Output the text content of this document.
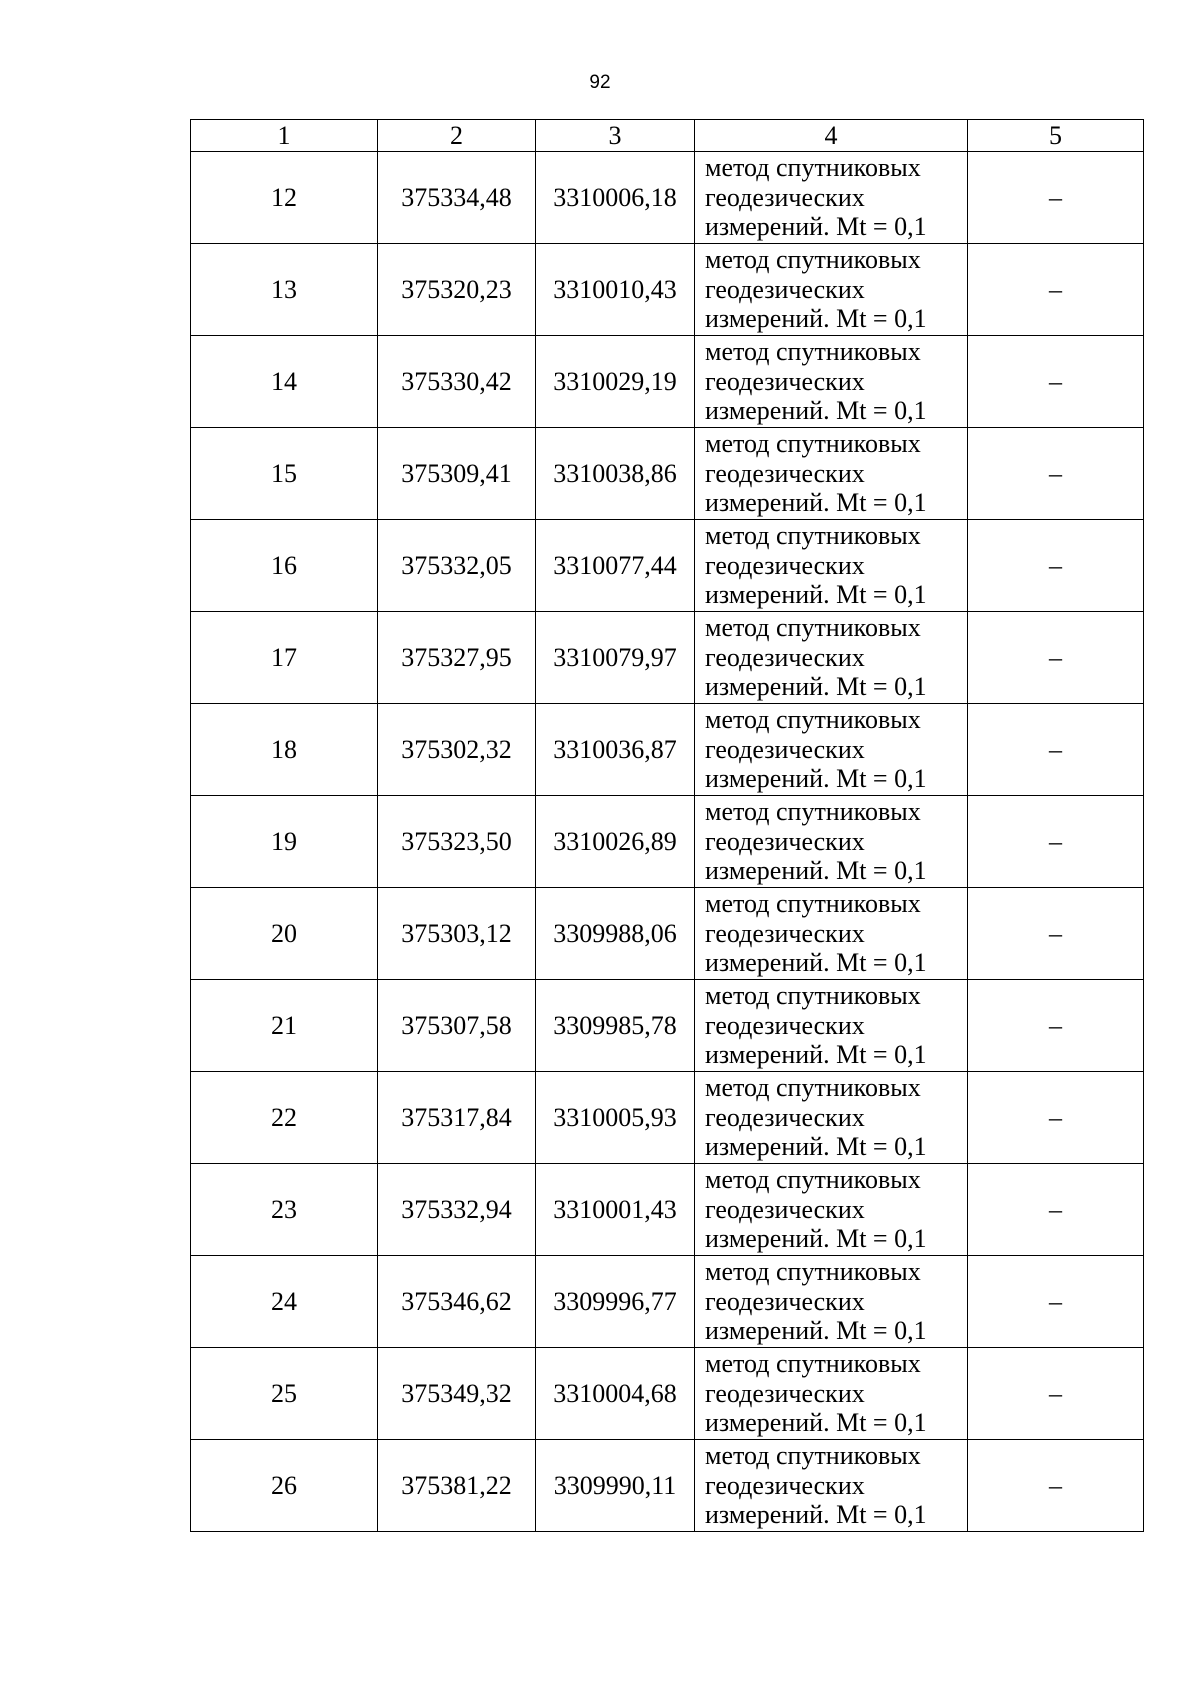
92
1	2	3	4	5
12	375334,48	3310006,18	метод спутниковых
геодезических
измерений. Mt = 0,1	–
13	375320,23	3310010,43	метод спутниковых
геодезических
измерений. Mt = 0,1	–
14	375330,42	3310029,19	метод спутниковых
геодезических
измерений. Mt = 0,1	–
15	375309,41	3310038,86	метод спутниковых
геодезических
измерений. Mt = 0,1	–
16	375332,05	3310077,44	метод спутниковых
геодезических
измерений. Mt = 0,1	–
17	375327,95	3310079,97	метод спутниковых
геодезических
измерений. Mt = 0,1	–
18	375302,32	3310036,87	метод спутниковых
геодезических
измерений. Mt = 0,1	–
19	375323,50	3310026,89	метод спутниковых
геодезических
измерений. Mt = 0,1	–
20	375303,12	3309988,06	метод спутниковых
геодезических
измерений. Mt = 0,1	–
21	375307,58	3309985,78	метод спутниковых
геодезических
измерений. Mt = 0,1	–
22	375317,84	3310005,93	метод спутниковых
геодезических
измерений. Mt = 0,1	–
23	375332,94	3310001,43	метод спутниковых
геодезических
измерений. Mt = 0,1	–
24	375346,62	3309996,77	метод спутниковых
геодезических
измерений. Mt = 0,1	–
25	375349,32	3310004,68	метод спутниковых
геодезических
измерений. Mt = 0,1	–
26	375381,22	3309990,11	метод спутниковых
геодезических
измерений. Mt = 0,1	–
